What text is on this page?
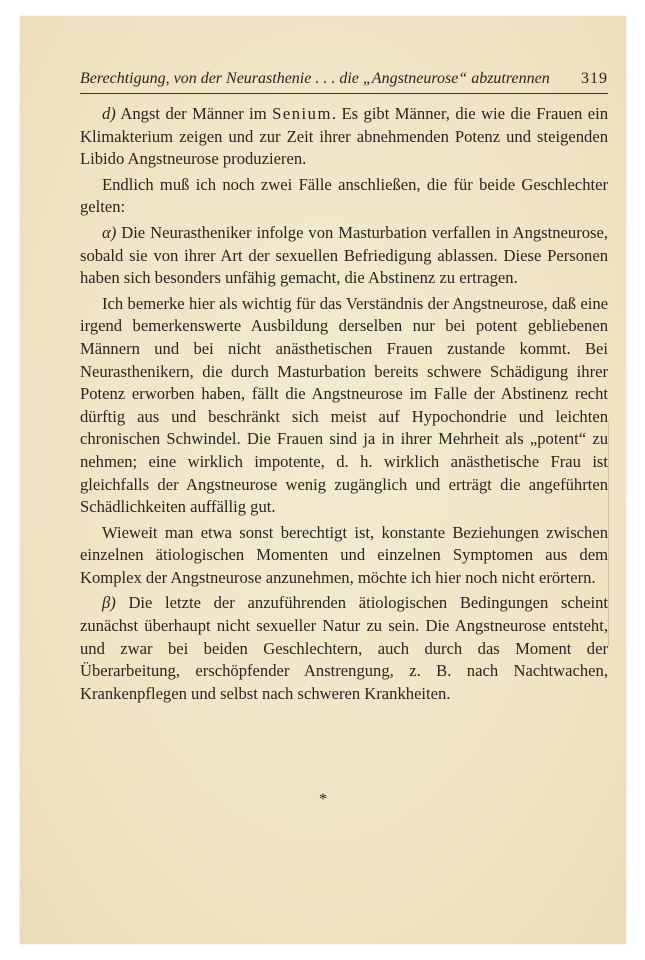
Berechtigung, von der Neurasthenie . . . die „Angstneurose“ abzutrennen 319

d) Angst der Männer im Senium. Es gibt Männer, die wie die Frauen ein Klimakterium zeigen und zur Zeit ihrer abnehmenden Potenz und steigenden Libido Angstneurose produzieren.

Endlich muß ich noch zwei Fälle anschließen, die für beide Geschlechter gelten:

α) Die Neurastheniker infolge von Masturbation verfallen in Angstneurose, sobald sie von ihrer Art der sexuellen Befriedigung ablassen. Diese Personen haben sich besonders unfähig gemacht, die Abstinenz zu ertragen.

Ich bemerke hier als wichtig für das Verständnis der Angstneurose, daß eine irgend bemerkenswerte Ausbildung derselben nur bei potent gebliebenen Männern und bei nicht anästhetischen Frauen zustande kommt. Bei Neurasthenikern, die durch Masturbation bereits schwere Schädigung ihrer Potenz erworben haben, fällt die Angstneurose im Falle der Abstinenz recht dürftig aus und beschränkt sich meist auf Hypochondrie und leichten chronischen Schwindel. Die Frauen sind ja in ihrer Mehrheit als „potent“ zu nehmen; eine wirklich impotente, d. h. wirklich anästhetische Frau ist gleichfalls der Angstneurose wenig zugänglich und erträgt die angeführten Schädlichkeiten auffällig gut.

Wieweit man etwa sonst berechtigt ist, konstante Beziehungen zwischen einzelnen ätiologischen Momenten und einzelnen Symptomen aus dem Komplex der Angstneurose anzunehmen, möchte ich hier noch nicht erörtern.

β) Die letzte der anzuführenden ätiologischen Bedingungen scheint zunächst überhaupt nicht sexueller Natur zu sein. Die Angstneurose entsteht, und zwar bei beiden Geschlechtern, auch durch das Moment der Überarbeitung, erschöpfender Anstrengung, z. B. nach Nachtwachen, Krankenpflegen und selbst nach schweren Krankheiten.

*
